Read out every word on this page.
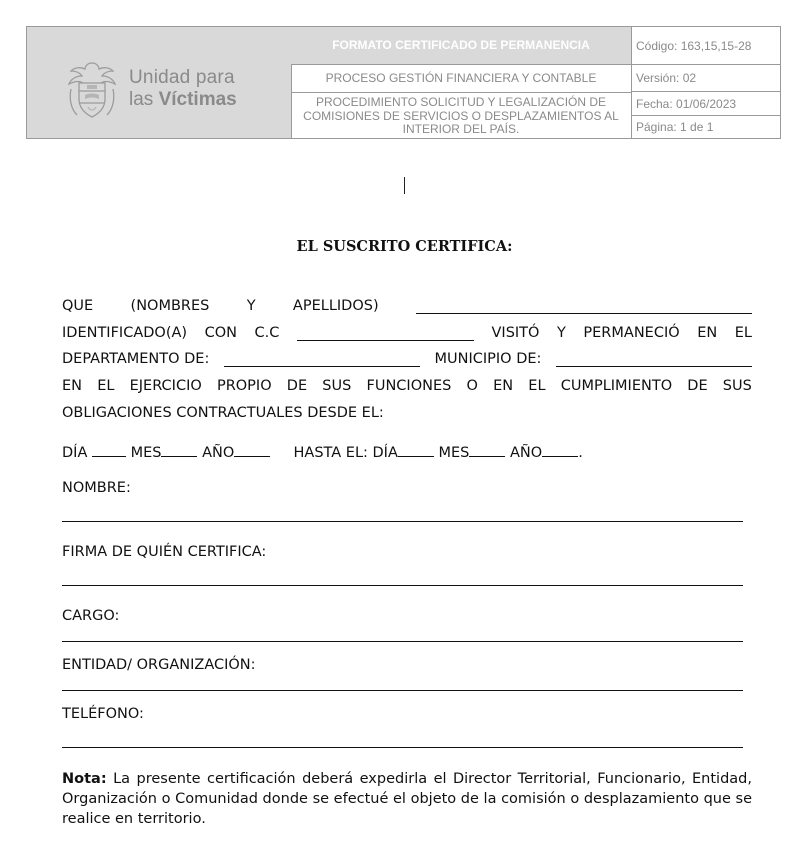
Unidad para
las Víctimas
FORMATO CERTIFICADO DE PERMANENCIA
PROCESO GESTIÓN FINANCIERA Y CONTABLE
PROCEDIMIENTO SOLICITUD Y LEGALIZACIÓN DE
COMISIONES DE SERVICIOS O DESPLAZAMIENTOS AL
INTERIOR DEL PAÍS.
Código: 163,15,15-28
Versión: 02
Fecha: 01/06/2023
Página: 1 de 1
EL SUSCRITO CERTIFICA:
QUE	(NOMBRES	Y	APELLIDOS)
IDENTIFICADO(A) CON C.C	VISITÓ Y PERMANECIÓ EN EL
DEPARTAMENTO DE:	MUNICIPIO DE:
EN EL EJERCICIO PROPIO DE SUS FUNCIONES O EN EL CUMPLIMIENTO DE SUS
OBLIGACIONES CONTRACTUALES DESDE EL:
DÍA	MES	AÑO	HASTA EL: DÍA	MES	AÑO .
NOMBRE:
FIRMA DE QUIÉN CERTIFICA:
CARGO:
ENTIDAD/ ORGANIZACIÓN:
TELÉFONO:
Nota: La presente certificación deberá expedirla el Director Territorial, Funcionario, Entidad, Organización o Comunidad donde se efectué el objeto de la comisión o desplazamiento que se realice en territorio.
